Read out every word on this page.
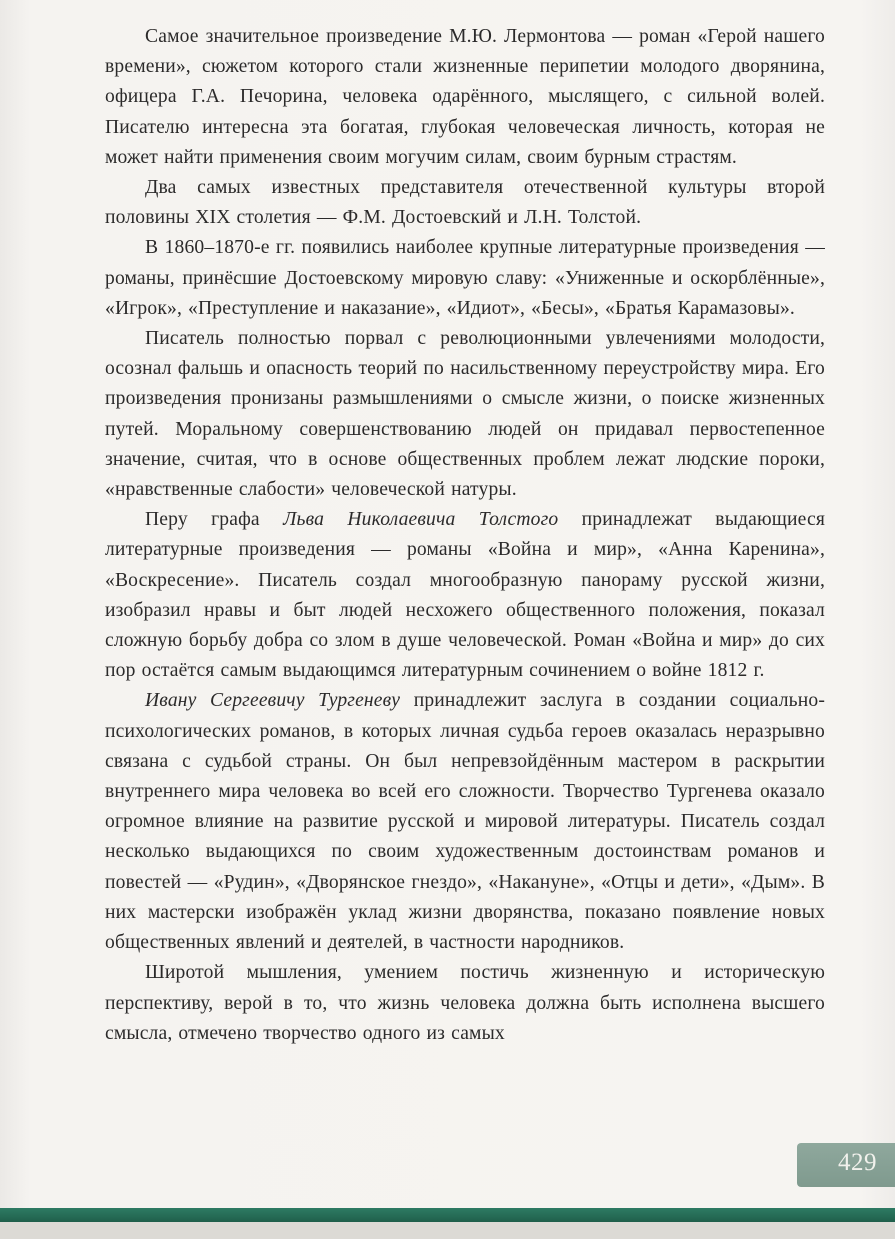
Самое значительное произведение М.Ю. Лермонтова — роман «Герой нашего времени», сюжетом которого стали жизненные перипетии молодого дворянина, офицера Г.А. Печорина, человека одарённого, мыслящего, с сильной волей. Писателю интересна эта богатая, глубокая человеческая личность, которая не может найти применения своим могучим силам, своим бурным страстям.

Два самых известных представителя отечественной культуры второй половины XIX столетия — Ф.М. Достоевский и Л.Н. Толстой.

В 1860–1870-е гг. появились наиболее крупные литературные произведения — романы, принёсшие Достоевскому мировую славу: «Униженные и оскорблённые», «Игрок», «Преступление и наказание», «Идиот», «Бесы», «Братья Карамазовы».

Писатель полностью порвал с революционными увлечениями молодости, осознал фальшь и опасность теорий по насильственному переустройству мира. Его произведения пронизаны размышлениями о смысле жизни, о поиске жизненных путей. Моральному совершенствованию людей он придавал первостепенное значение, считая, что в основе общественных проблем лежат людские пороки, «нравственные слабости» человеческой натуры.

Перу графа Льва Николаевича Толстого принадлежат выдающиеся литературные произведения — романы «Война и мир», «Анна Каренина», «Воскресение». Писатель создал многообразную панораму русской жизни, изобразил нравы и быт людей несхожего общественного положения, показал сложную борьбу добра со злом в душе человеческой. Роман «Война и мир» до сих пор остаётся самым выдающимся литературным сочинением о войне 1812 г.

Ивану Сергеевичу Тургеневу принадлежит заслуга в создании социально-психологических романов, в которых личная судьба героев оказалась неразрывно связана с судьбой страны. Он был непревзойдённым мастером в раскрытии внутреннего мира человека во всей его сложности. Творчество Тургенева оказало огромное влияние на развитие русской и мировой литературы. Писатель создал несколько выдающихся по своим художественным достоинствам романов и повестей — «Рудин», «Дворянское гнездо», «Накануне», «Отцы и дети», «Дым». В них мастерски изображён уклад жизни дворянства, показано появление новых общественных явлений и деятелей, в частности народников.

Широтой мышления, умением постичь жизненную и историческую перспективу, верой в то, что жизнь человека должна быть исполнена высшего смысла, отмечено творчество одного из самых

429
